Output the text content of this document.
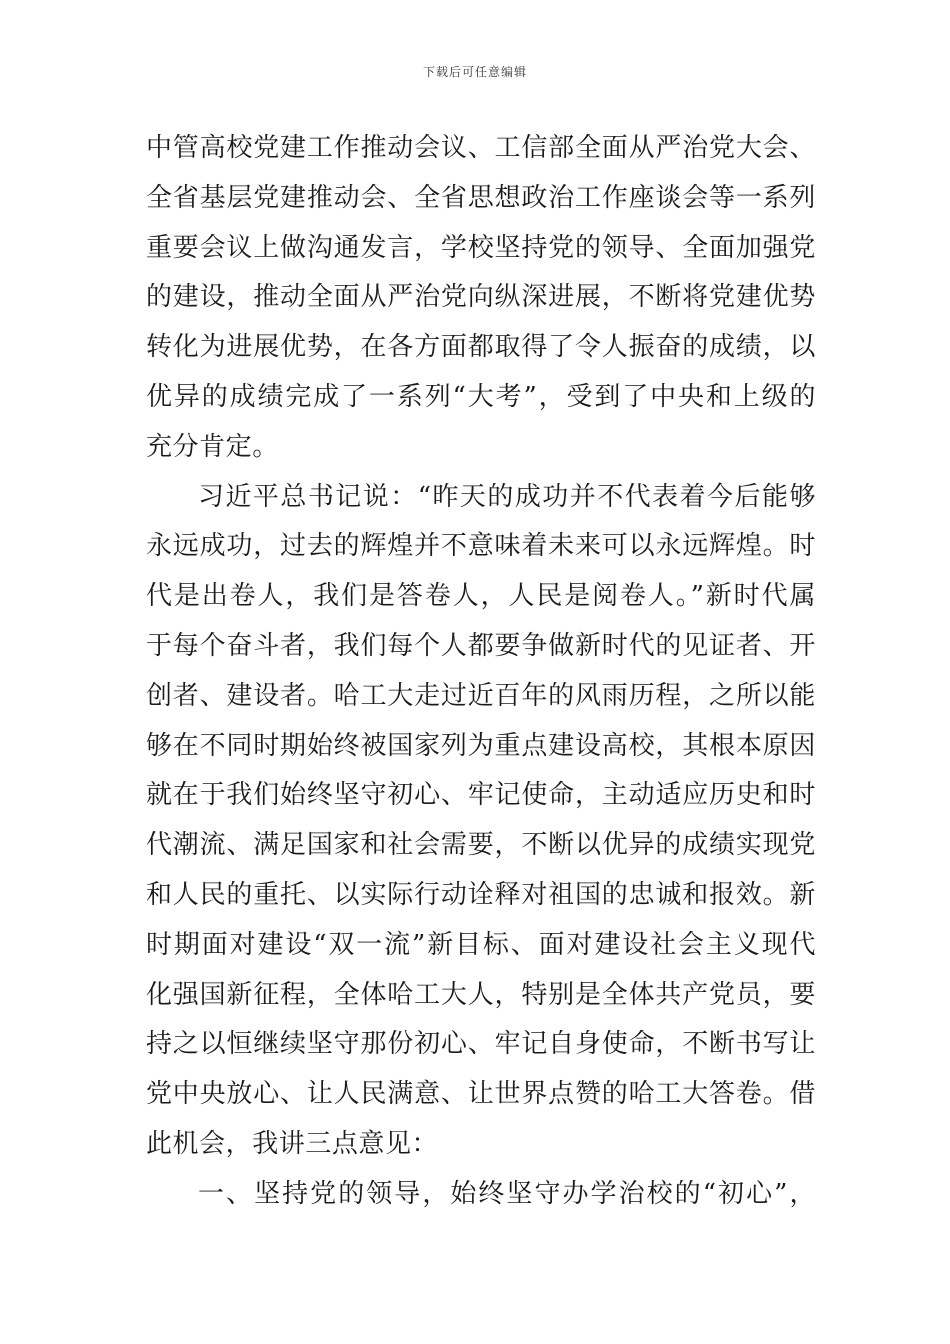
下载后可任意编辑
中管高校党建工作推动会议、工信部全面从严治党大会、
全省基层党建推动会、全省思想政治工作座谈会等一系列
重要会议上做沟通发言，学校坚持党的领导、全面加强党
的建设，推动全面从严治党向纵深进展，不断将党建优势
转化为进展优势，在各方面都取得了令人振奋的成绩，以
优异的成绩完成了一系列“大考”，受到了中央和上级的
充分肯定。
习近平总书记说：“昨天的成功并不代表着今后能够
永远成功，过去的辉煌并不意味着未来可以永远辉煌。时
代是出卷人，我们是答卷人，人民是阅卷人。”新时代属
于每个奋斗者，我们每个人都要争做新时代的见证者、开
创者、建设者。哈工大走过近百年的风雨历程，之所以能
够在不同时期始终被国家列为重点建设高校，其根本原因
就在于我们始终坚守初心、牢记使命，主动适应历史和时
代潮流、满足国家和社会需要，不断以优异的成绩实现党
和人民的重托、以实际行动诠释对祖国的忠诚和报效。新
时期面对建设“双一流”新目标、面对建设社会主义现代
化强国新征程，全体哈工大人，特别是全体共产党员，要
持之以恒继续坚守那份初心、牢记自身使命，不断书写让
党中央放心、让人民满意、让世界点赞的哈工大答卷。借
此机会，我讲三点意见：
一、坚持党的领导，始终坚守办学治校的“初心”，
